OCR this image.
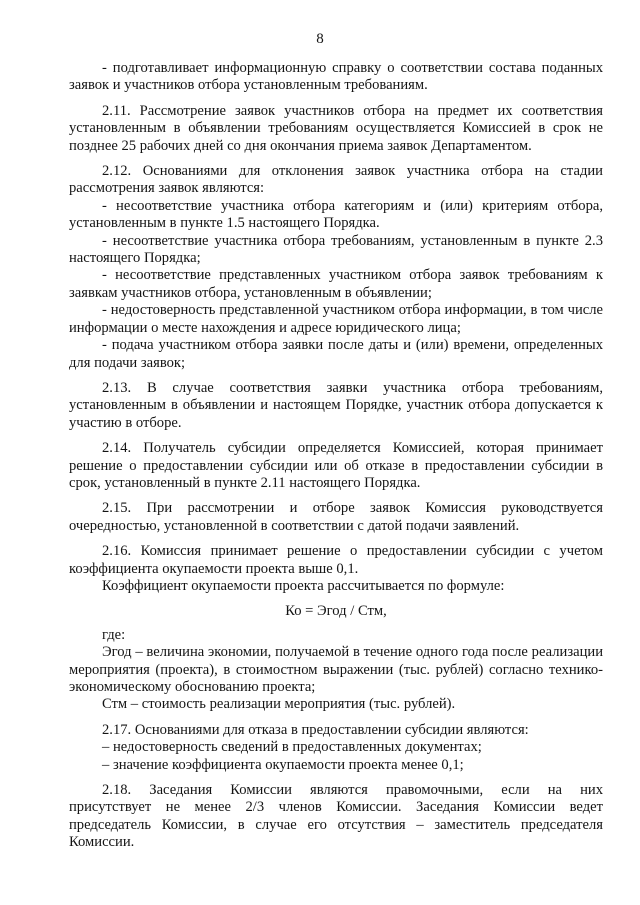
8

- подготавливает информационную справку о соответствии состава поданных заявок и участников отбора установленным требованиям.

2.11. Рассмотрение заявок участников отбора на предмет их соответствия установленным в объявлении требованиям осуществляется Комиссией в срок не позднее 25 рабочих дней со дня окончания приема заявок Департаментом.

2.12. Основаниями для отклонения заявок участника отбора на стадии рассмотрения заявок являются:

- несоответствие участника отбора категориям и (или) критериям отбора, установленным в пункте 1.5 настоящего Порядка.

- несоответствие участника отбора требованиям, установленным в пункте 2.3 настоящего Порядка;

- несоответствие представленных участником отбора заявок требованиям к заявкам участников отбора, установленным в объявлении;

- недостоверность представленной участником отбора информации, в том числе информации о месте нахождения и адресе юридического лица;

- подача участником отбора заявки после даты и (или) времени, определенных для подачи заявок;

2.13. В случае соответствия заявки участника отбора требованиям, установленным в объявлении и настоящем Порядке, участник отбора допускается к участию в отборе.

2.14. Получатель субсидии определяется Комиссией, которая принимает решение о предоставлении субсидии или об отказе в предоставлении субсидии в срок, установленный в пункте 2.11 настоящего Порядка.

2.15. При рассмотрении и отборе заявок Комиссия руководствуется очередностью, установленной в соответствии с датой подачи заявлений.

2.16. Комиссия принимает решение о предоставлении субсидии с учетом коэффициента окупаемости проекта выше 0,1.

Коэффициент окупаемости проекта рассчитывается по формуле:

Ко = Эгод / Стм,

где:

Эгод – величина экономии, получаемой в течение одного года после реализации мероприятия (проекта), в стоимостном выражении (тыс. рублей) согласно технико-экономическому обоснованию проекта;

Стм – стоимость реализации мероприятия (тыс. рублей).

2.17. Основаниями для отказа в предоставлении субсидии являются:

– недостоверность сведений в предоставленных документах;

– значение коэффициента окупаемости проекта менее 0,1;

2.18. Заседания Комиссии являются правомочными, если на них присутствует не менее 2/3 членов Комиссии. Заседания Комиссии ведет председатель Комиссии, в случае его отсутствия – заместитель председателя Комиссии.
